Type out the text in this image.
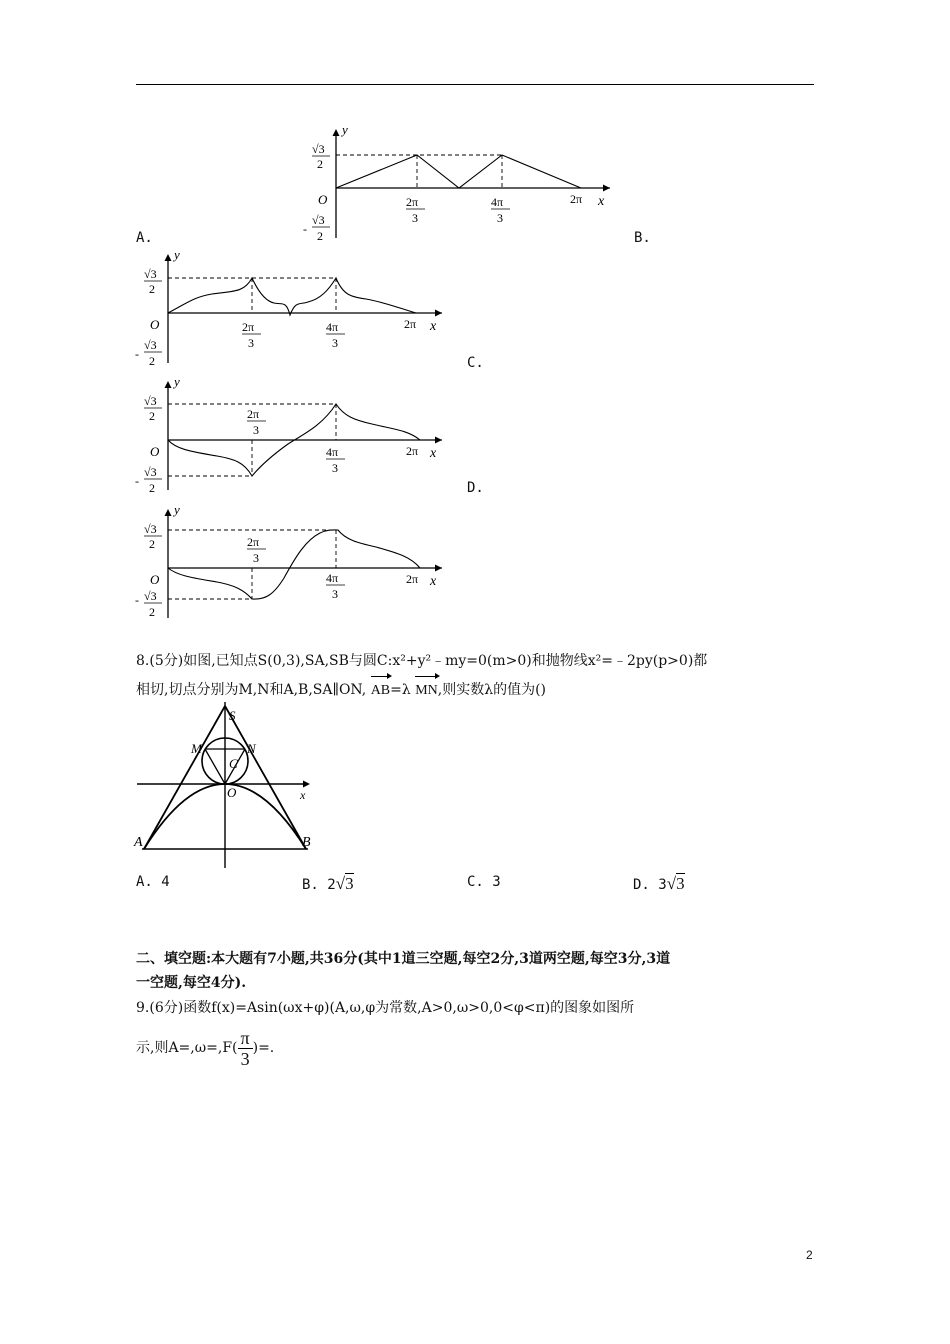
y
x
O
√3
2
-
√3
2
2π
3
4π
3
2π
A.	B.
y
x
O
√3
2
-
√3
2
2π
3
4π
3
2π
C.
y
x
O
√3
2
-
√3
2
2π
3
4π
3
2π
D.
y
x
O
√3
2
- √3
2
2π
3
4π
3
2π
8.(5分)如图,已知点S(0,3),SA,SB与圆C:x²+y²﹣my=0(m>0)和抛物线x²=﹣2py(p>0)都
相切,切点分别为M,N和A,B,SA∥ON, AB=λ MN,则实数λ的值为()
S
M	N
C
O	x
A	B
A. 4	B. 2√3	C. 3	D. 3√3
二、填空题:本大题有7小题,共36分(其中1道三空题,每空2分,3道两空题,每空3分,3道
一空题,每空4分).
9.(6分)函数f(x)=Asin(ωx+φ)(A,ω,φ为常数,A>0,ω>0,0<φ<π)的图象如图所
示,则$A=,\omega=,F( \frac{\pi}{3}$ )=.
2
